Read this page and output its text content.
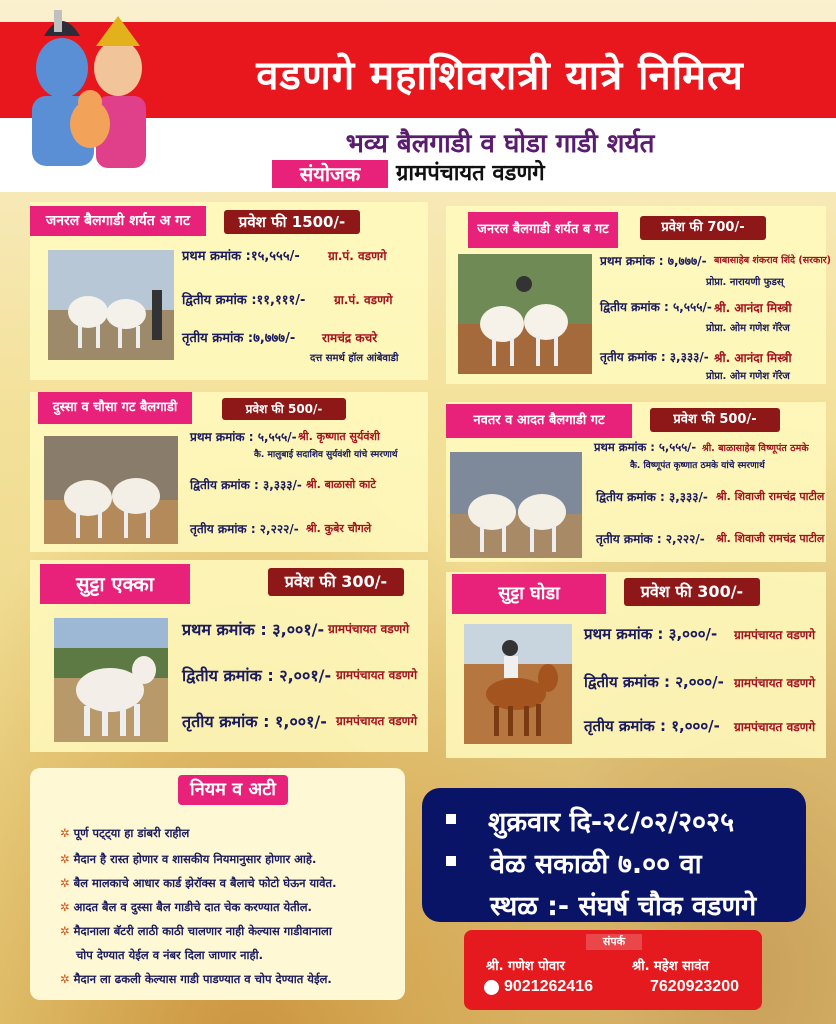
वडणगे महाशिवरात्री यात्रे निमित्य
भव्य बैलगाडी व घोडा गाडी शर्यत
संयोजक	ग्रामपंचायत वडणगे
जनरल बैलगाडी शर्यत अ गट	प्रवेश फी 1500/-
प्रथम क्रमांक :१५,५५५/- ग्रा.पं. वडणगे
द्वितीय क्रमांक :११,१११/- ग्रा.पं. वडणगे
तृतीय क्रमांक :७,७७७/- रामचंद्र कचरे
दत्त समर्थ हॉल आंबेवाडी
जनरल बैलगाडी शर्यत ब गट	प्रवेश फी 700/-
प्रथम क्रमांक : ७,७७७/- बाबासाहेब शंकराव शिंदे (सरकार)
प्रोप्रा. नारायणी फुडस्
द्वितीय क्रमांक : ५,५५५/- श्री. आनंदा मिस्त्री
प्रोप्रा. ओम गणेश गॅरेज
तृतीय क्रमांक : ३,३३३/- श्री. आनंदा मिस्त्री
प्रोप्रा. ओम गणेश गॅरेज
दुस्सा व चौसा गट बैलगाडी	प्रवेश फी 500/-
प्रथम क्रमांक : ५,५५५/- श्री. कृष्णात सुर्यवंशी
कै. मालुबाई सदाशिव सुर्यवंशी यांचे स्मरणार्थ
द्वितीय क्रमांक : ३,३३३/- श्री. बाळासो काटे
तृतीय क्रमांक : २,२२२/- श्री. कुबेर चौगले
नवतर व आदत बैलगाडी गट	प्रवेश फी 500/-
प्रथम क्रमांक : ५,५५५/- श्री. बाळासाहेब विष्णूपंत ठमके
कै. विष्णूपंत कृष्णात ठमके यांचे स्मरणार्थ
द्वितीय क्रमांक : ३,३३३/- श्री. शिवाजी रामचंद्र पाटील
तृतीय क्रमांक : २,२२२/- श्री. शिवाजी रामचंद्र पाटील
सुट्टा एक्का	प्रवेश फी 300/-
प्रथम क्रमांक : ३,००१/- ग्रामपंचायत वडणगे
द्वितीय क्रमांक : २,००१/- ग्रामपंचायत वडणगे
तृतीय क्रमांक : १,००१/- ग्रामपंचायत वडणगे
सुट्टा घोडा	प्रवेश फी 300/-
प्रथम क्रमांक : ३,०००/- ग्रामपंचायत वडणगे
द्वितीय क्रमांक : २,०००/- ग्रामपंचायत वडणगे
तृतीय क्रमांक : १,०००/- ग्रामपंचायत वडणगे
नियम व अटी
✲ पूर्ण पट्ट्या हा डांबरी राहील
✲ मैदान है रास्त होणार व शासकीय नियमानुसार होणार आहे.
✲ बैल मालकाचे आधार कार्ड झेरॉक्स व बैलाचे फोटो घेऊन यावेत.
✲ आदत बैल व दुस्सा बैल गाडीचे दात चेक करण्यात येतील.
✲ मैदानाला बॅटरी लाठी काठी चालणार नाही केल्यास गाडीवानाला
चोप देण्यात येईल व नंबर दिला जाणार नाही.
✲ मैदान ला ढकली केल्यास गाडी पाडण्यात व चोप देण्यात येईल.
शुक्रवार दि-२८/०२/२०२५
वेळ सकाळी ७.०० वा
स्थळ :- संघर्ष चौक वडणगे
संपर्क
श्री. गणेश पोवार	श्री. महेश सावंत
9021262416	7620923200
